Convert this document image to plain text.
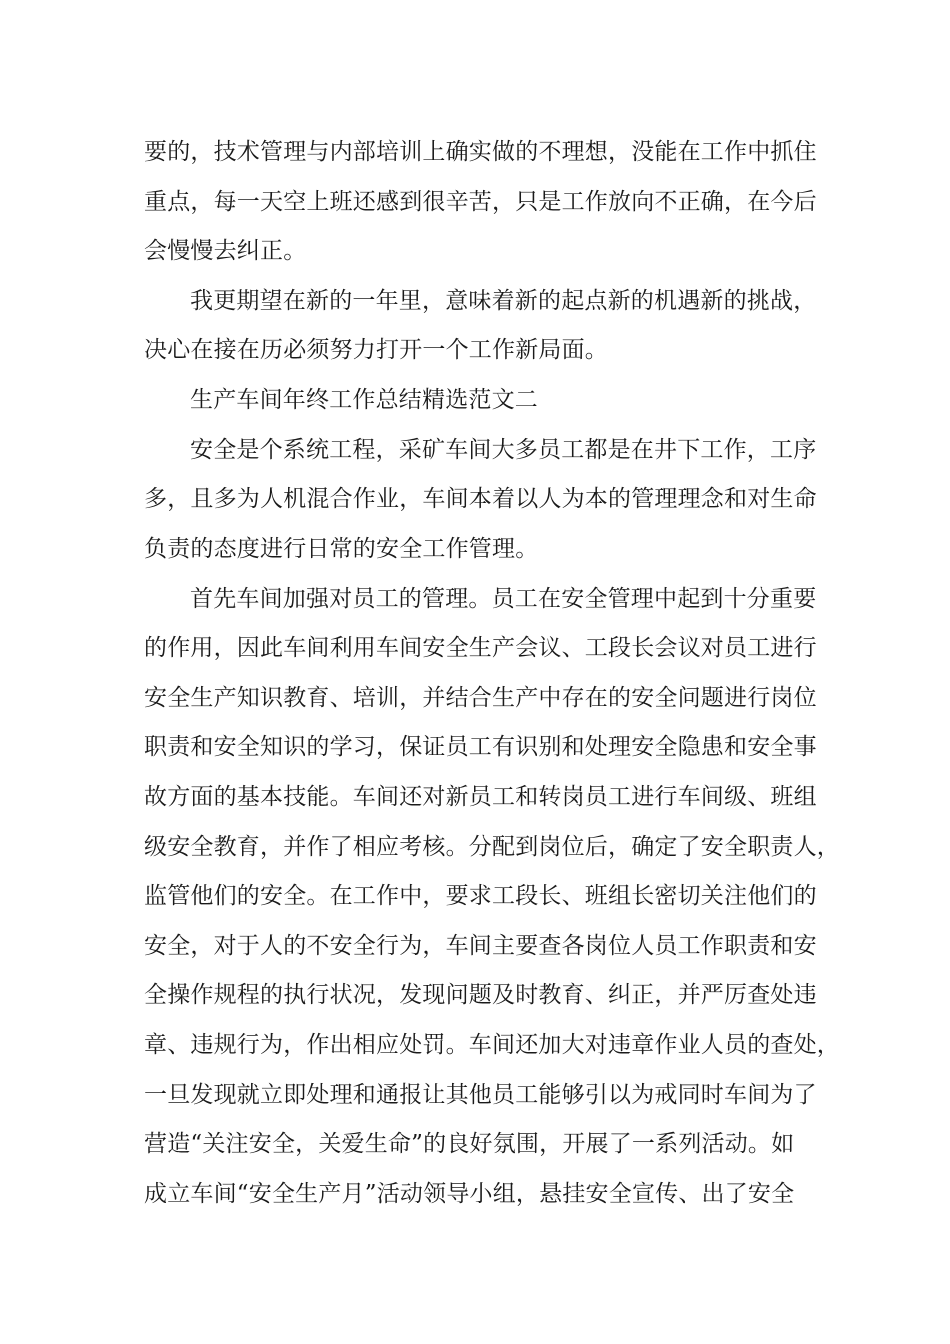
要的，技术管理与内部培训上确实做的不理想，没能在工作中抓住
重点，每一天空上班还感到很辛苦，只是工作放向不正确，在今后
会慢慢去纠正。
我更期望在新的一年里，意味着新的起点新的机遇新的挑战，
决心在接在历必须努力打开一个工作新局面。
生产车间年终工作总结精选范文二
安全是个系统工程，采矿车间大多员工都是在井下工作，工序
多，且多为人机混合作业，车间本着以人为本的管理理念和对生命
负责的态度进行日常的安全工作管理。
首先车间加强对员工的管理。员工在安全管理中起到十分重要
的作用，因此车间利用车间安全生产会议、工段长会议对员工进行
安全生产知识教育、培训，并结合生产中存在的安全问题进行岗位
职责和安全知识的学习，保证员工有识别和处理安全隐患和安全事
故方面的基本技能。车间还对新员工和转岗员工进行车间级、班组
级安全教育，并作了相应考核。分配到岗位后，确定了安全职责人，
监管他们的安全。在工作中，要求工段长、班组长密切关注他们的
安全，对于人的不安全行为，车间主要查各岗位人员工作职责和安
全操作规程的执行状况，发现问题及时教育、纠正，并严厉查处违
章、违规行为，作出相应处罚。车间还加大对违章作业人员的查处，
一旦发现就立即处理和通报让其他员工能够引以为戒同时车间为了
营造“关注安全，关爱生命”的良好氛围，开展了一系列活动。如
成立车间“安全生产月”活动领导小组，悬挂安全宣传、出了安全
